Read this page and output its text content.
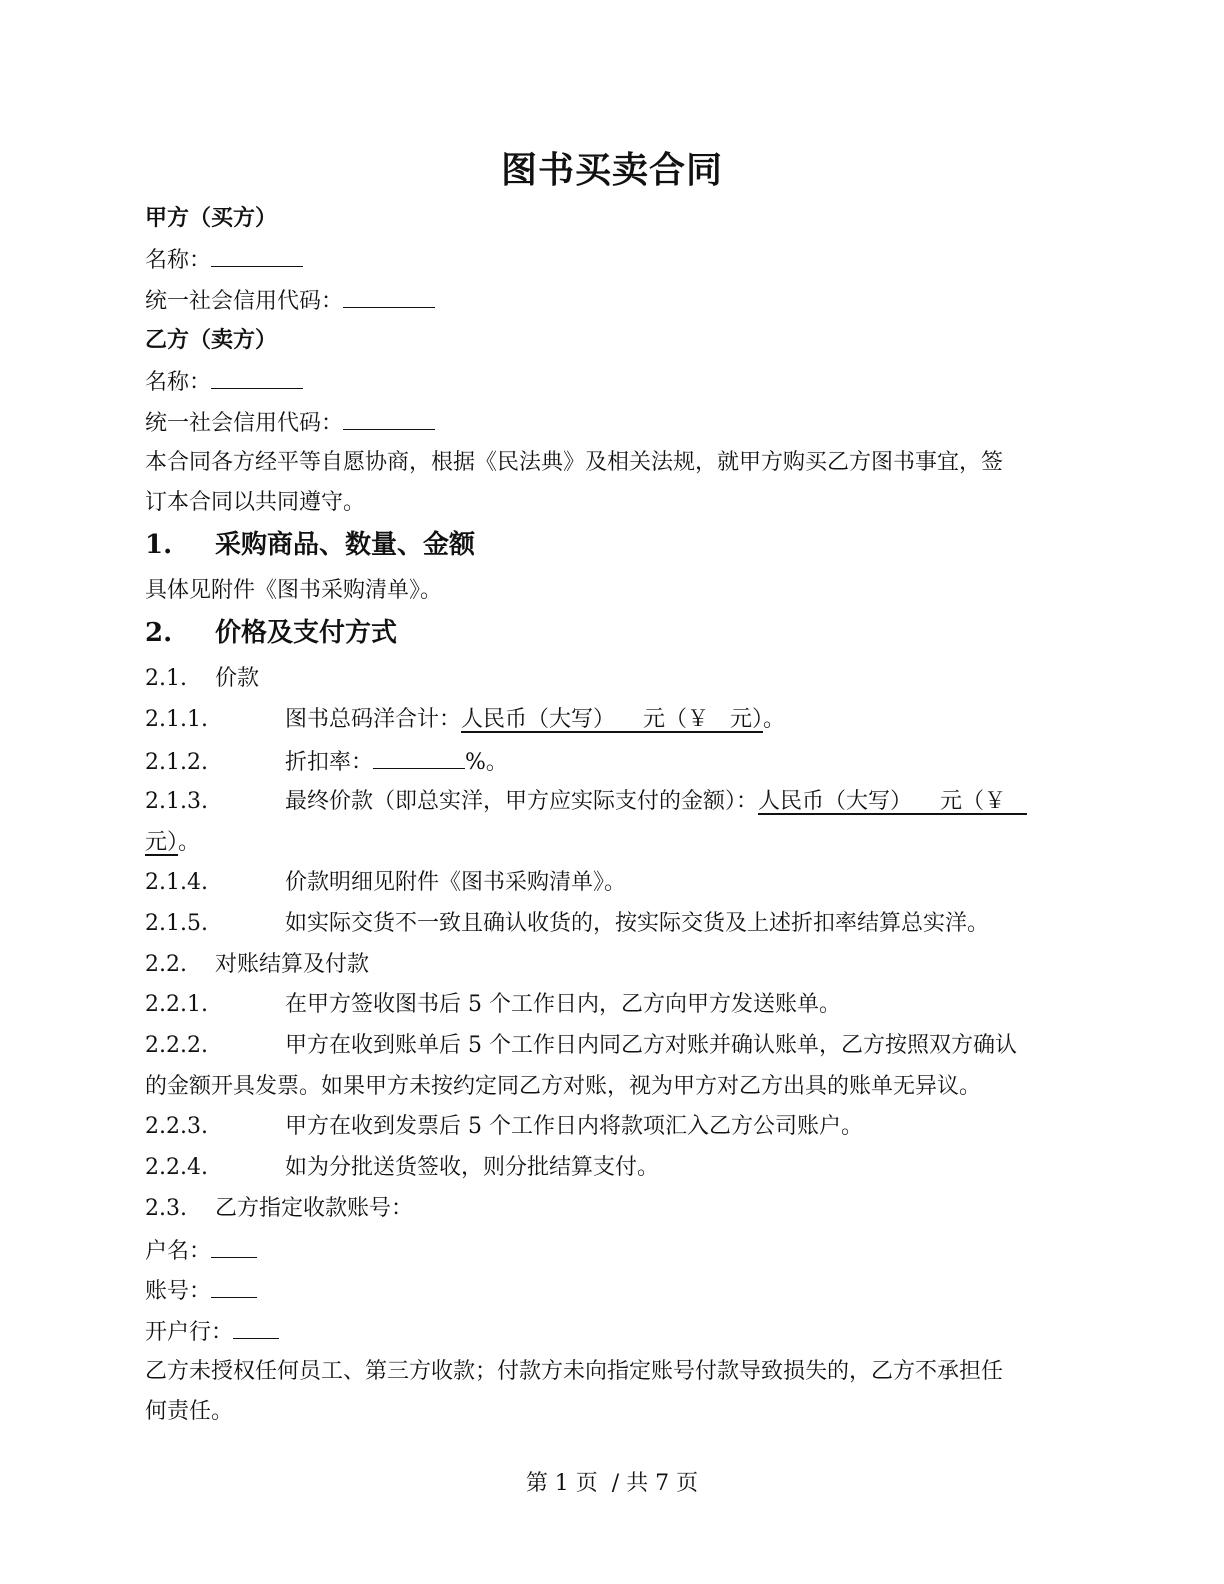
图书买卖合同
甲方（买方）
名称：
统一社会信用代码：
乙方（卖方）
名称：
统一社会信用代码：
本合同各方经平等自愿协商，根据《民法典》及相关法规，就甲方购买乙方图书事宜，签
订本合同以共同遵守。
1. 采购商品、数量、金额
具体见附件《图书采购清单》。
2. 价格及支付方式
2.1. 价款
2.1.1.	图书总码洋合计：人民币（大写）    元（￥   元）。
2.1.2.	折扣率：	%。
2.1.3.	最终价款（即总实洋，甲方应实际支付的金额）：人民币（大写）    元（￥
元）。
2.1.4.	价款明细见附件《图书采购清单》。
2.1.5.	如实际交货不一致且确认收货的，按实际交货及上述折扣率结算总实洋。
2.2. 对账结算及付款
2.2.1.	在甲方签收图书后 5 个工作日内，乙方向甲方发送账单。
2.2.2.	甲方在收到账单后 5 个工作日内同乙方对账并确认账单，乙方按照双方确认
的金额开具发票。如果甲方未按约定同乙方对账，视为甲方对乙方出具的账单无异议。
2.2.3.	甲方在收到发票后 5 个工作日内将款项汇入乙方公司账户。
2.2.4.	如为分批送货签收，则分批结算支付。
2.3. 乙方指定收款账号：
户名：
账号：
开户行：
乙方未授权任何员工、第三方收款；付款方未向指定账号付款导致损失的，乙方不承担任
何责任。
第 1 页  / 共 7 页
